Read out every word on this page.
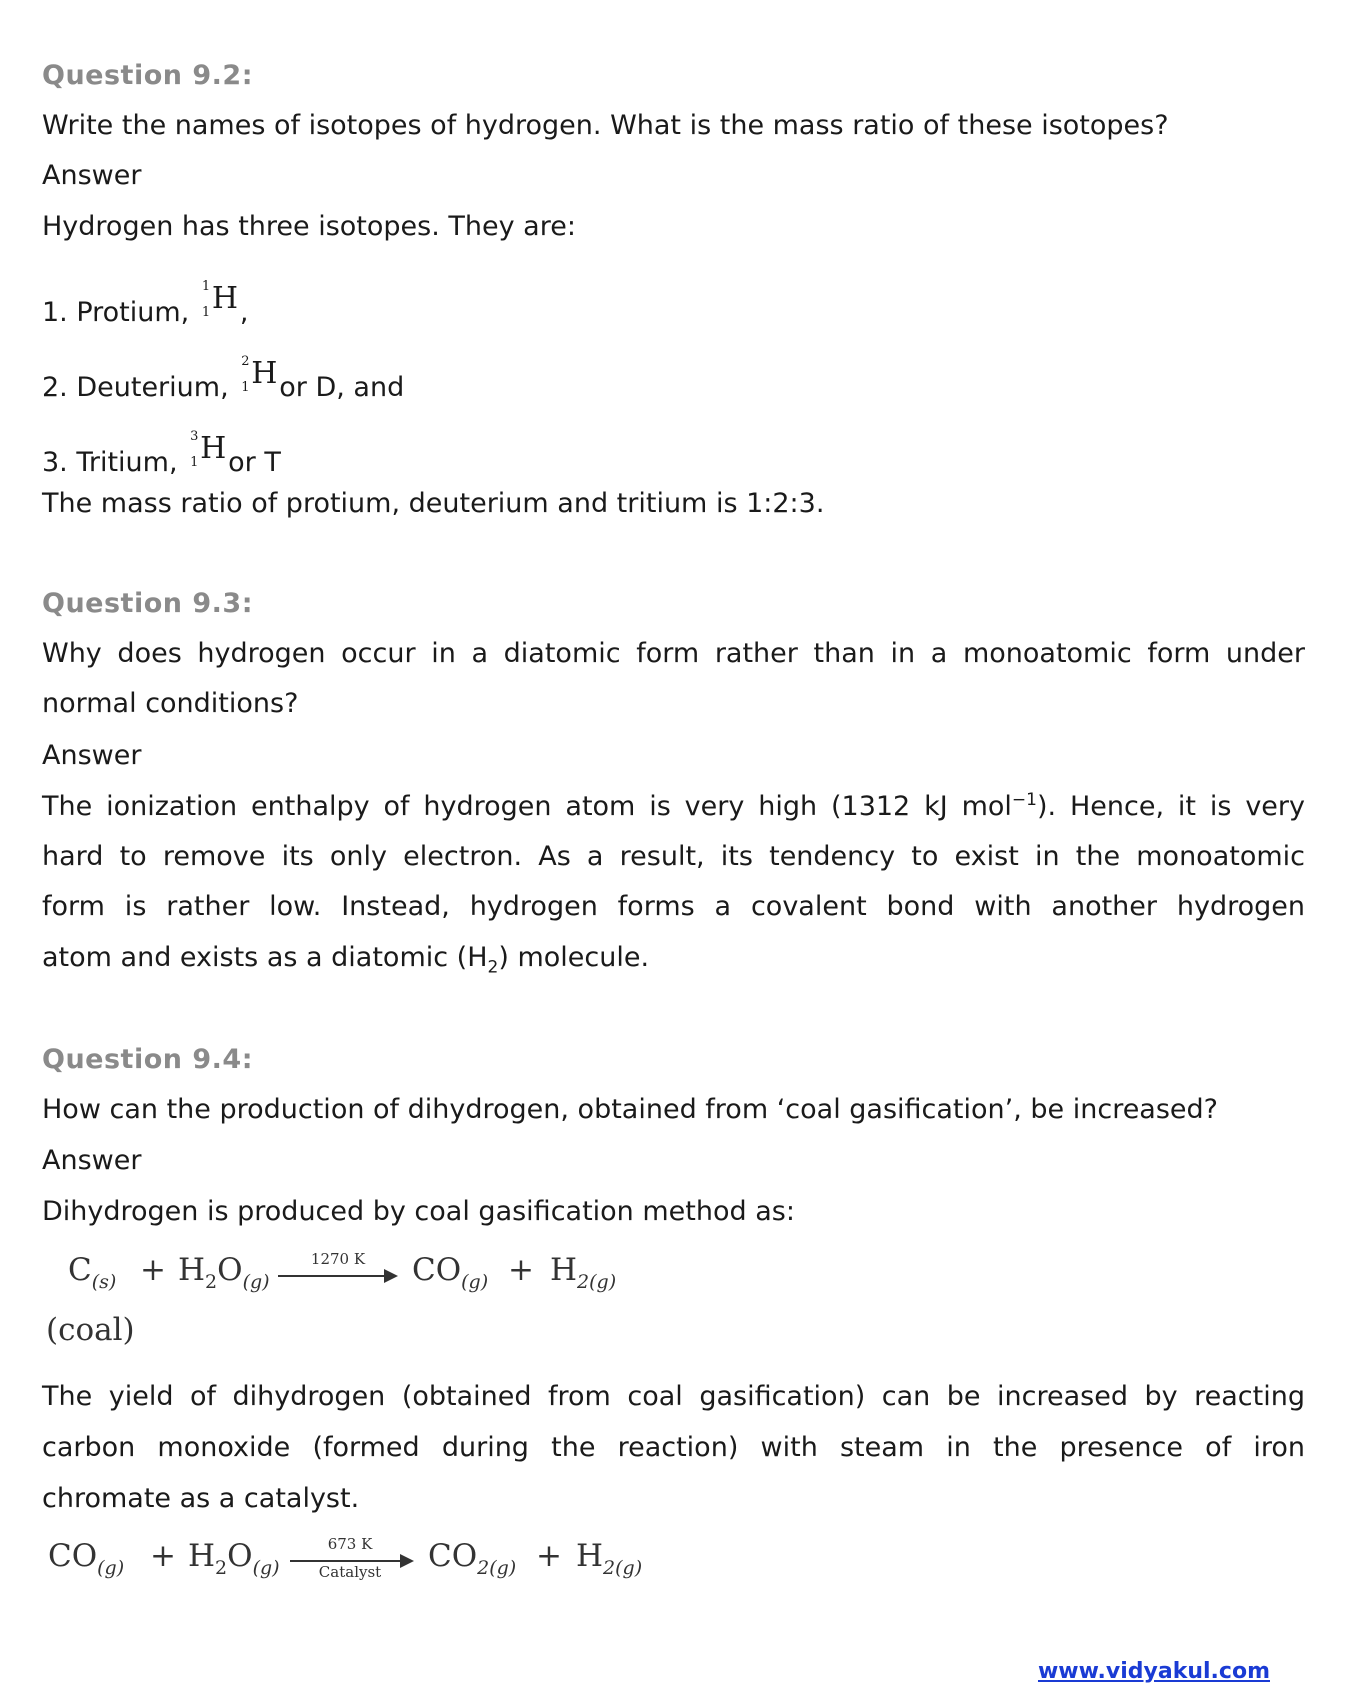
Question 9.2:
Write the names of isotopes of hydrogen. What is the mass ratio of these isotopes?
Answer
Hydrogen has three isotopes. They are:
1. Protium,
1
1 H ,
2. Deuterium,
2
1 H or D, and
3. Tritium,
3
1 H or T
The mass ratio of protium, deuterium and tritium is 1:2:3.
Question 9.3:
Why does hydrogen occur in a diatomic form rather than in a monoatomic form under
normal conditions?
Answer
The ionization enthalpy of hydrogen atom is very high (1312 kJ mol$^{-1}$). Hence, it is very
hard to remove its only electron. As a result, its tendency to exist in the monoatomic
form is rather low. Instead, hydrogen forms a covalent bond with another hydrogen
atom and exists as a diatomic $(H_2)$ molecule.
Question 9.4:
How can the production of dihydrogen, obtained from ‘coal gasification’, be increased?
Answer
Dihydrogen is produced by coal gasification method as:
$C_{(s)} + H_2O_{(g)}$
1270 K	$CO_{(g)} + H_{2(g)}$
(coal)
The yield of dihydrogen (obtained from coal gasification) can be increased by reacting
carbon monoxide (formed during the reaction) with steam in the presence of iron
chromate as a catalyst.
$CO_{(g)} + H_2O_{(g)}$
673 K
Catalyst	$CO_{2(g)} + H_{2(g)}$
www.vidyakul.com
